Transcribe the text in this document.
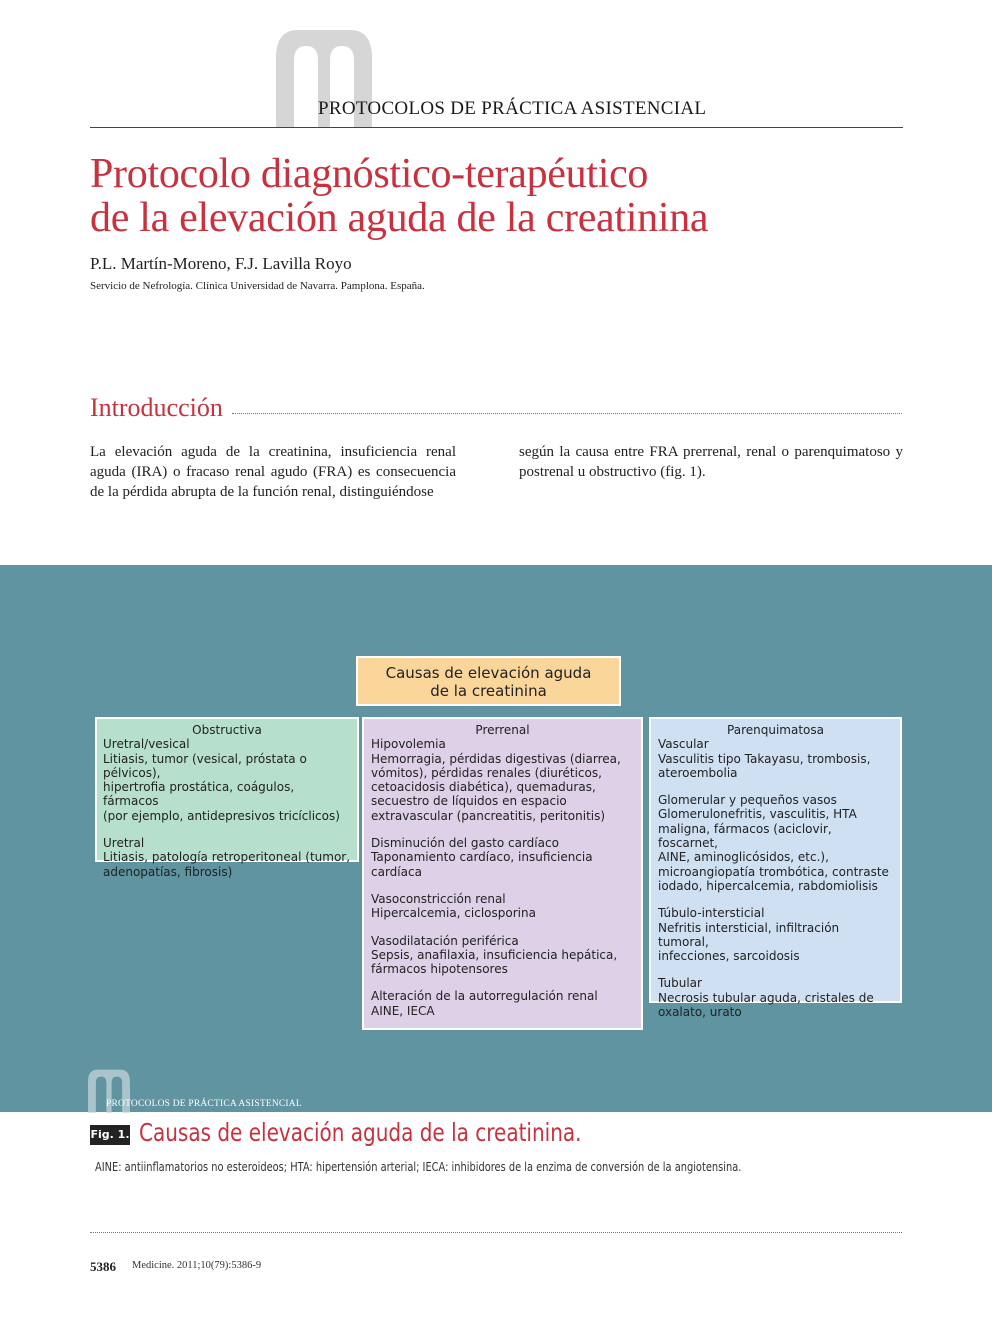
PROTOCOLOS DE PRÁCTICA ASISTENCIAL
Protocolo diagnóstico-terapéutico
de la elevación aguda de la creatinina
P.L. Martín-Moreno, F.J. Lavilla Royo
Servicio de Nefrología. Clínica Universidad de Navarra. Pamplona. España.
Introducción
La elevación aguda de la creatinina, insuficiencia renal aguda (IRA) o fracaso renal agudo (FRA) es consecuencia de la pérdida abrupta de la función renal, distinguiéndose
según la causa entre FRA prerrenal, renal o parenquimatoso y postrenal u obstructivo (fig. 1).
Causas de elevación aguda
de la creatinina
Obstructiva
Uretral/vesical
Litiasis, tumor (vesical, próstata o pélvicos),
hipertrofia prostática, coágulos, fármacos
(por ejemplo, antidepresivos tricíclicos)
Uretral
Litiasis, patología retroperitoneal (tumor,
adenopatías, fibrosis)
Prerrenal
Hipovolemia
Hemorragia, pérdidas digestivas (diarrea,
vómitos), pérdidas renales (diuréticos,
cetoacidosis diabética), quemaduras,
secuestro de líquidos en espacio
extravascular (pancreatitis, peritonitis)
Disminución del gasto cardíaco
Taponamiento cardíaco, insuficiencia
cardíaca
Vasoconstricción renal
Hipercalcemia, ciclosporina
Vasodilatación periférica
Sepsis, anafilaxia, insuficiencia hepática,
fármacos hipotensores
Alteración de la autorregulación renal
AINE, IECA
Parenquimatosa
Vascular
Vasculitis tipo Takayasu, trombosis,
ateroembolia
Glomerular y pequeños vasos
Glomerulonefritis, vasculitis, HTA
maligna, fármacos (aciclovir, foscarnet,
AINE, aminoglicósidos, etc.),
microangiopatía trombótica, contraste
iodado, hipercalcemia, rabdomiolisis
Túbulo-intersticial
Nefritis intersticial, infiltración tumoral,
infecciones, sarcoidosis
Tubular
Necrosis tubular aguda, cristales de
oxalato, urato
PROTOCOLOS DE PRÁCTICA ASISTENCIAL
Fig. 1. Causas de elevación aguda de la creatinina.
AINE: antiinflamatorios no esteroideos; HTA: hipertensión arterial; IECA: inhibidores de la enzima de conversión de la angiotensina.
5386 Medicine. 2011;10(79):5386-9
